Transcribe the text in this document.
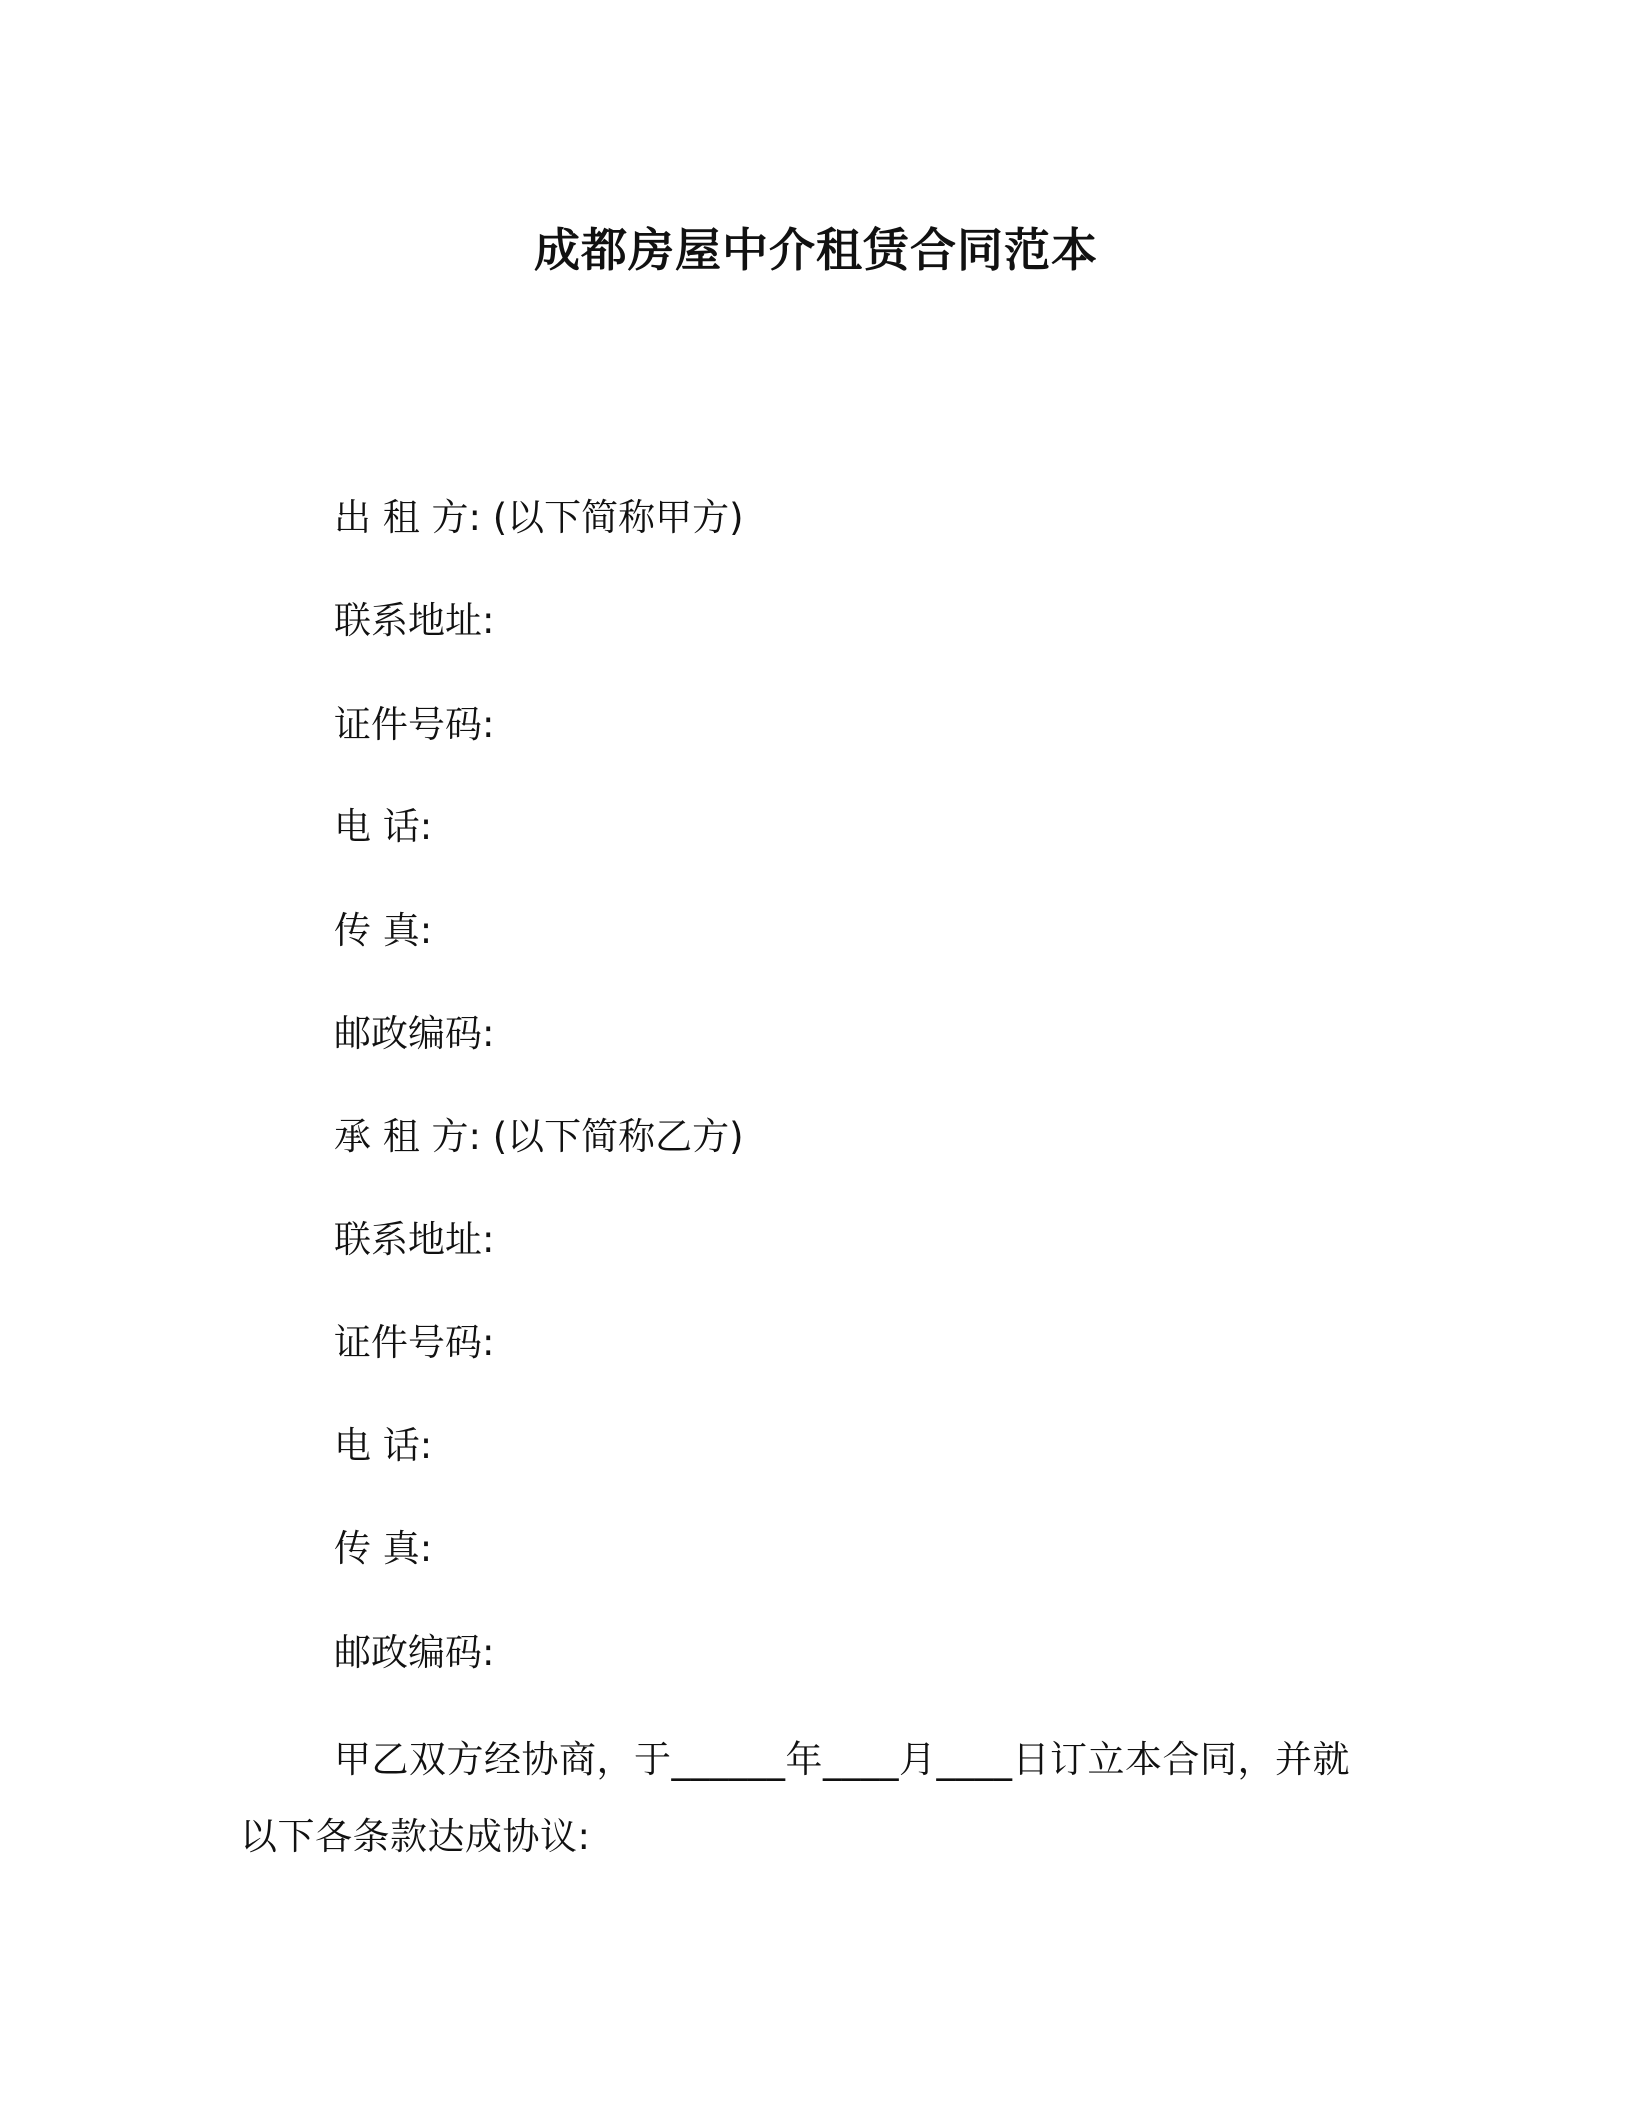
成都房屋中介租赁合同范本
出 租 方: (以下简称甲方)
联系地址:
证件号码:
电 话:
传 真:
邮政编码:
承 租 方: (以下简称乙方)
联系地址:
证件号码:
电 话:
传 真:
邮政编码:
甲乙双方经协商，于______年____月____日订立本合同，并就
以下各条款达成协议:
